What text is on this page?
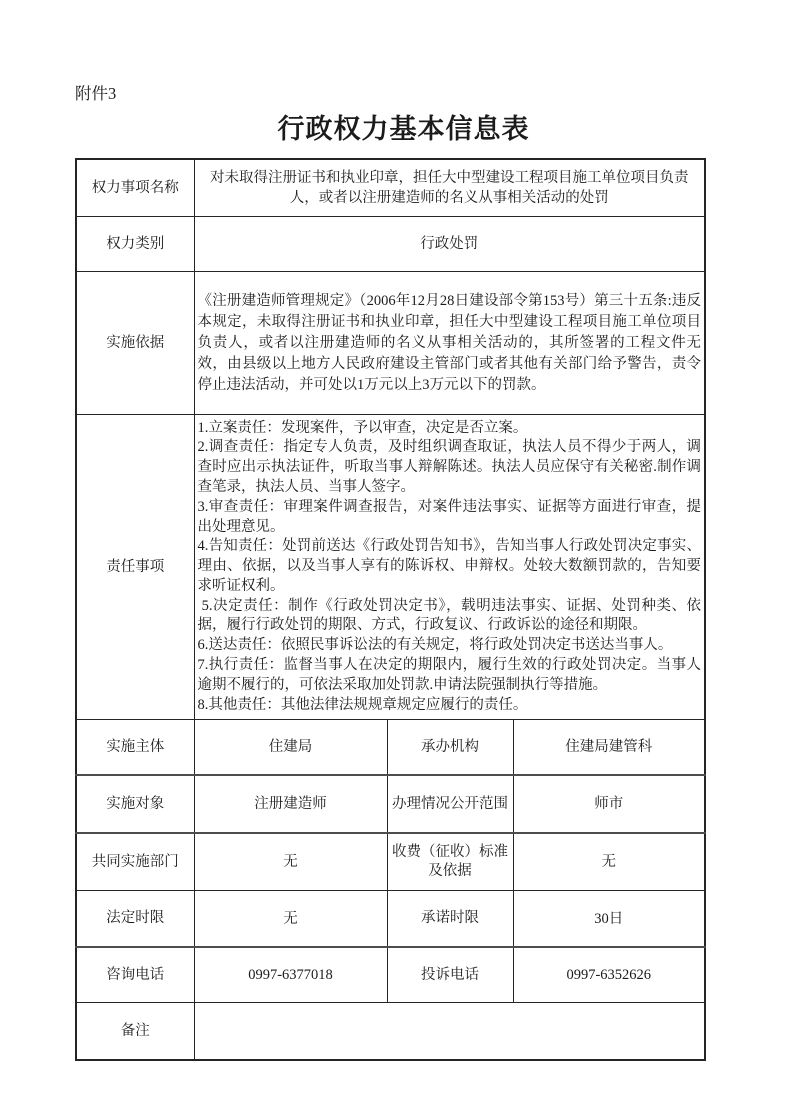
附件3
行政权力基本信息表
权力事项名称	对未取得注册证书和执业印章，担任大中型建设工程项目施工单位项目负责人，或者以注册建造师的名义从事相关活动的处罚		
权力类别	行政处罚		
实施依据	《注册建造师管理规定》（2006年12月28日建设部令第153号）第三十五条:违反本规定，未取得注册证书和执业印章，担任大中型建设工程项目施工单位项目负责人，或者以注册建造师的名义从事相关活动的，其所签署的工程文件无效，由县级以上地方人民政府建设主管部门或者其他有关部门给予警告，责令停止违法活动，并可处以1万元以上3万元以下的罚款。		
责任事项	
1.立案责任：发现案件，予以审查，决定是否立案。
2.调查责任：指定专人负责，及时组织调查取证，执法人员不得少于两人，调查时应出示执法证件，听取当事人辩解陈述。执法人员应保守有关秘密.制作调查笔录，执法人员、当事人签字。
3.审查责任：审理案件调查报告，对案件违法事实、证据等方面进行审查，提出处理意见。
4.告知责任：处罚前送达《行政处罚告知书》，告知当事人行政处罚决定事实、理由、依据，以及当事人享有的陈诉权、申辩权。处较大数额罚款的，告知要求听证权利。
5.决定责任：制作《行政处罚决定书》，载明违法事实、证据、处罚种类、依据，履行行政处罚的期限、方式，行政复议、行政诉讼的途径和期限。
6.送达责任：依照民事诉讼法的有关规定，将行政处罚决定书送达当事人。
7.执行责任：监督当事人在决定的期限内，履行生效的行政处罚决定。当事人逾期不履行的，可依法采取加处罚款.申请法院强制执行等措施。
8.其他责任：其他法律法规规章规定应履行的责任。

实施主体	住建局	承办机构	住建局建管科
实施对象	注册建造师	办理情况公开范围	师市
共同实施部门	无	收费（征收）标准及依据	无
法定时限	无	承诺时限	30日
咨询电话	0997-6377018	投诉电话	0997-6352626
备注			
